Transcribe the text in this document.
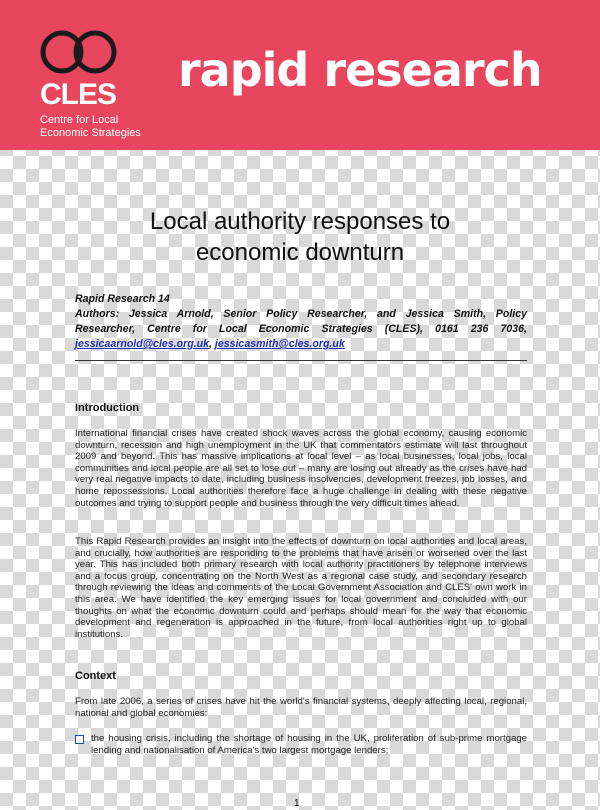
CLES
Centre for Local
Economic Strategies
rapid research
Local authority responses to
economic downturn
Rapid Research 14
Authors: Jessica Arnold, Senior Policy Researcher, and Jessica Smith, Policy Researcher, Centre for Local Economic Strategies (CLES), 0161 236 7036, jessicaarnold@cles.org.uk, jessicasmith@cles.org.uk
Introduction
International financial crises have created shock waves across the global economy, causing economic downturn, recession and high unemployment in the UK that commentators estimate will last throughout 2009 and beyond. This has massive implications at local level – as local businesses, local jobs, local communities and local people are all set to lose out – many are losing out already as the crises have had very real negative impacts to date, including business insolvencies, development freezes, job losses, and home repossessions. Local authorities therefore face a huge challenge in dealing with these negative outcomes and trying to support people and business through the very difficult times ahead.
This Rapid Research provides an insight into the effects of downturn on local authorities and local areas, and crucially, how authorities are responding to the problems that have arisen or worsened over the last year. This has included both primary research with local authority practitioners by telephone interviews and a focus group, concentrating on the North West as a regional case study, and secondary research through reviewing the ideas and comments of the Local Government Association and CLES' own work in this area. We have identified the key emerging issues for local government and concluded with our thoughts on what the economic downturn could and perhaps should mean for the way that economic development and regeneration is approached in the future, from local authorities right up to global institutions.
Context
From late 2006, a series of crises have hit the world's financial systems, deeply affecting local, regional, national and global economies:
the housing crisis, including the shortage of housing in the UK, proliferation of sub-prime mortgage lending and nationalisation of America's two largest mortgage lenders;
1
